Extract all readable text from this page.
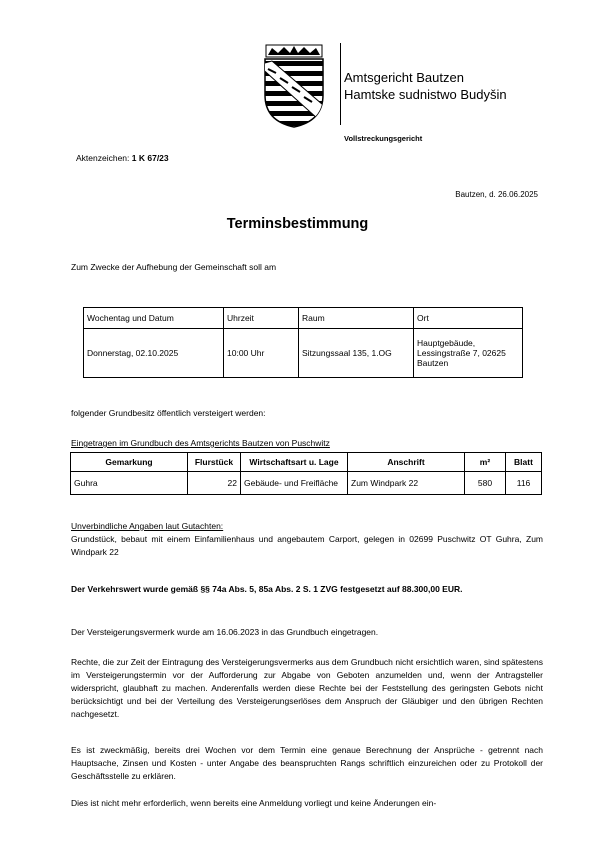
Amtsgericht Bautzen
Hamtske sudnistwo Budyšin
Vollstreckungsgericht
Aktenzeichen: 1 K 67/23
Bautzen, d. 26.06.2025
Terminsbestimmung
Zum Zwecke der Aufhebung der Gemeinschaft soll am
Wochentag und Datum	Uhrzeit	Raum	Ort
Donnerstag, 02.10.2025	10:00 Uhr	Sitzungssaal 135, 1.OG	Hauptgebäude, Lessingstraße 7, 02625 Bautzen
folgender Grundbesitz öffentlich versteigert werden:
Eingetragen im Grundbuch des Amtsgerichts Bautzen von Puschwitz
Gemarkung	Flurstück	Wirtschaftsart u. Lage	Anschrift	m²	Blatt
Guhra	22	Gebäude- und Freifläche	Zum Windpark 22	580	116
Unverbindliche Angaben laut Gutachten:
Grundstück, bebaut mit einem Einfamilienhaus und angebautem Carport, gelegen in 02699 Puschwitz OT Guhra, Zum Windpark 22
Der Verkehrswert wurde gemäß §§ 74a Abs. 5, 85a Abs. 2 S. 1 ZVG festgesetzt auf 88.300,00 EUR.
Der Versteigerungsvermerk wurde am 16.06.2023 in das Grundbuch eingetragen.
Rechte, die zur Zeit der Eintragung des Versteigerungsvermerks aus dem Grundbuch nicht ersichtlich waren, sind spätestens im Versteigerungstermin vor der Aufforderung zur Abgabe von Geboten anzumelden und, wenn der Antragsteller widerspricht, glaubhaft zu machen. Anderenfalls werden diese Rechte bei der Feststellung des geringsten Gebots nicht berücksichtigt und bei der Verteilung des Versteigerungserlöses dem Anspruch der Gläubiger und den übrigen Rechten nachgesetzt.
Es ist zweckmäßig, bereits drei Wochen vor dem Termin eine genaue Berechnung der Ansprüche - getrennt nach Hauptsache, Zinsen und Kosten - unter Angabe des beanspruchten Rangs schriftlich einzureichen oder zu Protokoll der Geschäftsstelle zu erklären.
Dies ist nicht mehr erforderlich, wenn bereits eine Anmeldung vorliegt und keine Änderungen ein-
